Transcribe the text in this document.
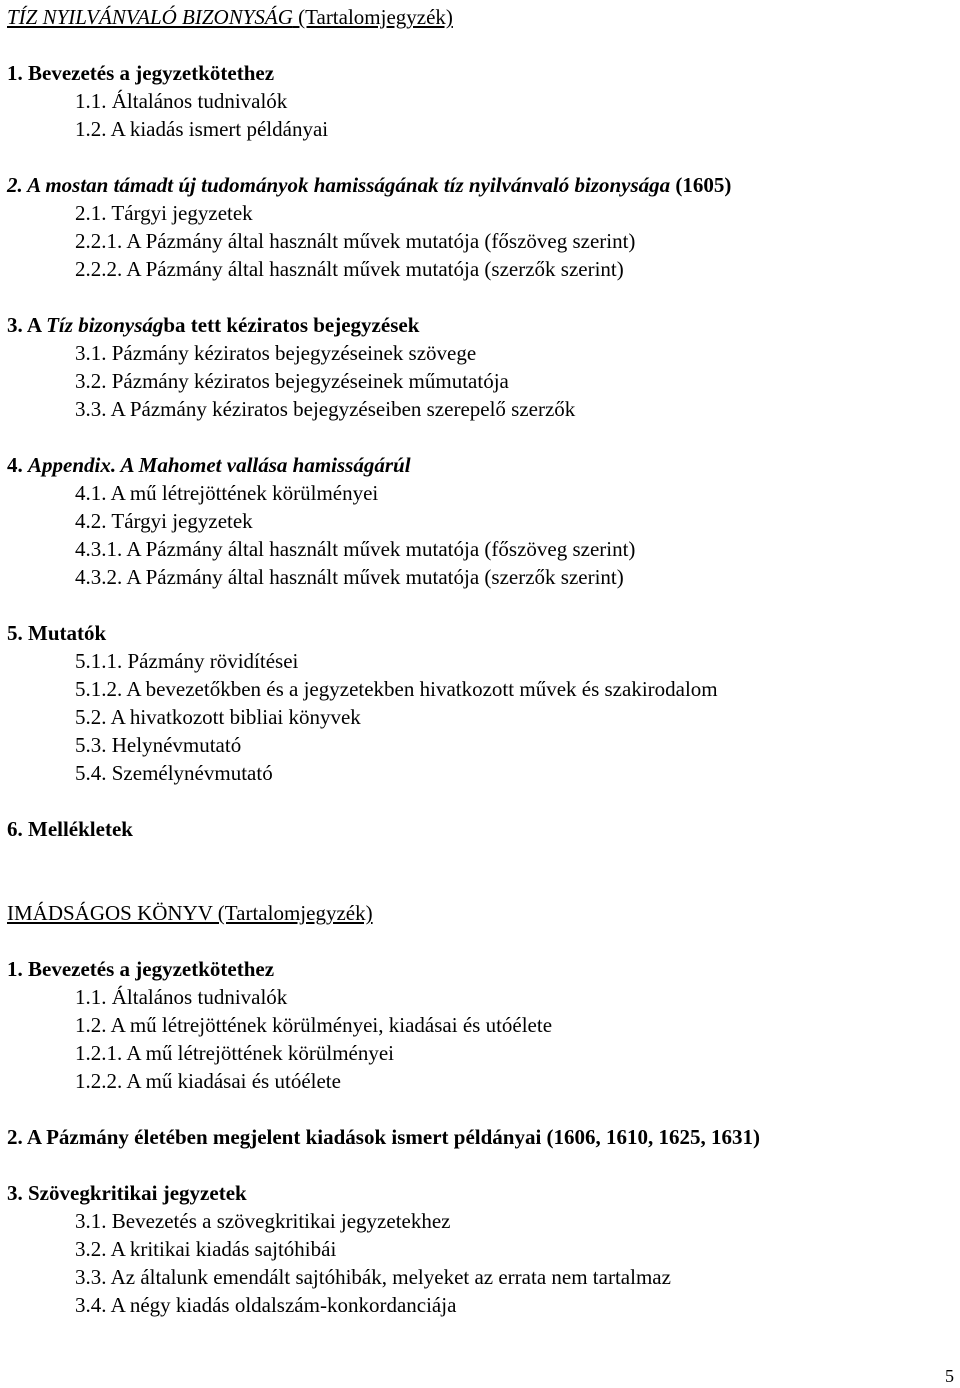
TÍZ NYILVÁNVALÓ BIZONYSÁG (Tartalomjegyzék)
1. Bevezetés a jegyzetkötethez
1.1. Általános tudnivalók
1.2. A kiadás ismert példányai
2. A mostan támadt új tudományok hamisságának tíz nyilvánvaló bizonysága (1605)
2.1. Tárgyi jegyzetek
2.2.1. A Pázmány által használt művek mutatója (főszöveg szerint)
2.2.2. A Pázmány által használt művek mutatója (szerzők szerint)
3. A Tíz bizonyságba tett kéziratos bejegyzések
3.1. Pázmány kéziratos bejegyzéseinek szövege
3.2. Pázmány kéziratos bejegyzéseinek műmutatója
3.3. A Pázmány kéziratos bejegyzéseiben szerepelő szerzők
4. Appendix. A Mahomet vallása hamisságárúl
4.1. A mű létrejöttének körülményei
4.2. Tárgyi jegyzetek
4.3.1. A Pázmány által használt művek mutatója (főszöveg szerint)
4.3.2. A Pázmány által használt művek mutatója (szerzők szerint)
5. Mutatók
5.1.1. Pázmány rövidítései
5.1.2. A bevezetőkben és a jegyzetekben hivatkozott művek és szakirodalom
5.2. A hivatkozott bibliai könyvek
5.3. Helynévmutató
5.4. Személynévmutató
6. Mellékletek
IMÁDSÁGOS KÖNYV (Tartalomjegyzék)
1. Bevezetés a jegyzetkötethez
1.1. Általános tudnivalók
1.2. A mű létrejöttének körülményei, kiadásai és utóélete
1.2.1. A mű létrejöttének körülményei
1.2.2. A mű kiadásai és utóélete
2. A Pázmány életében megjelent kiadások ismert példányai (1606, 1610, 1625, 1631)
3. Szövegkritikai jegyzetek
3.1. Bevezetés a szövegkritikai jegyzetekhez
3.2. A kritikai kiadás sajtóhibái
3.3. Az általunk emendált sajtóhibák, melyeket az errata nem tartalmaz
3.4. A négy kiadás oldalszám-konkordanciája
5
